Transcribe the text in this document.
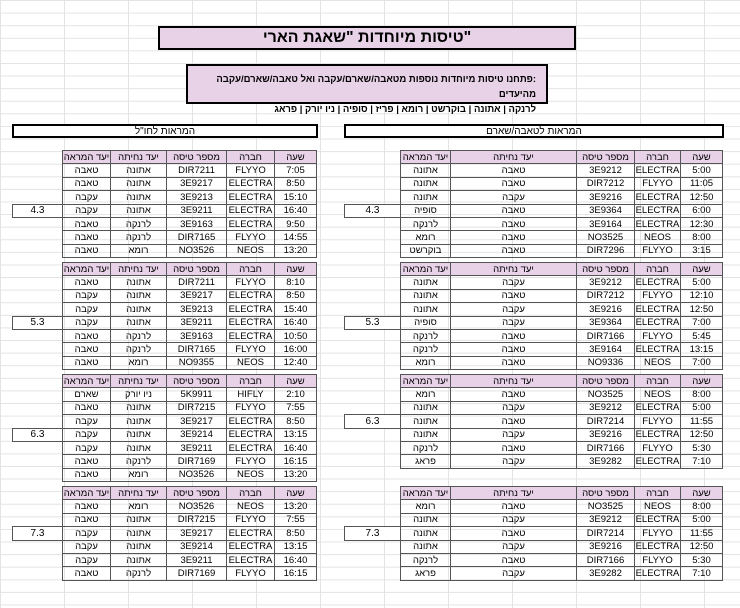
"טיסות מיוחדות "שאגת הארי
:פתחנו טיסות מיוחדות נוספות מטאבה/שארם/עקבה ואל טאבה/שארם/עקבה מהיעדים
לרנקה | אתונה | בוקרשט | רומא | פריז | סופיה | ניו יורק | פראג
המראות לטאבה/שארם
המראות לחו"ל
שעה	חברה	מספר טיסה	יעד נחיתה	יעד המראה	
5:00	ELECTRA	3E9212	טאבה	אתונה	
11:05	FLYYO	DIR7212	טאבה	אתונה	
12:50	ELECTRA	3E9216	עקבה	אתונה	
6:00	ELECTRA	3E9364	טאבה	סופיה	4.3
12:30	ELECTRA	3E9164	טאבה	לרנקה	
8:00	NEOS	NO3525	טאבה	רומא	
3:15	FLYYO	DIR7296	טאבה	בוקרשט	
שעה	חברה	מספר טיסה	יעד נחיתה	יעד המראה	
5:00	ELECTRA	3E9212	עקבה	אתונה	
12:10	FLYYO	DIR7212	טאבה	אתונה	
12:50	ELECTRA	3E9216	עקבה	אתונה	
7:00	ELECTRA	3E9364	עקבה	סופיה	5.3
5:45	FLYYO	DIR7166	טאבה	לרנקה	
13:15	ELECTRA	3E9164	טאבה	לרנקה	
7:00	NEOS	NO9336	טאבה	רומא	
שעה	חברה	מספר טיסה	יעד נחיתה	יעד המראה	
8:00	NEOS	NO3525	טאבה	רומא	
5:00	ELECTRA	3E9212	עקבה	אתונה	
11:55	FLYYO	DIR7214	טאבה	אתונה	6.3
12:50	ELECTRA	3E9216	עקבה	אתונה	
5:30	FLYYO	DIR7166	טאבה	לרנקה	
7:10	ELECTRA	3E9282	עקבה	פראג	
שעה	חברה	מספר טיסה	יעד נחיתה	יעד המראה	
8:00	NEOS	NO3525	טאבה	רומא	
5:00	ELECTRA	3E9212	עקבה	אתונה	
11:55	FLYYO	DIR7214	טאבה	אתונה	7.3
12:50	ELECTRA	3E9216	עקבה	אתונה	
5:30	FLYYO	DIR7166	טאבה	לרנקה	
7:10	ELECTRA	3E9282	עקבה	פראג	
שעה	חברה	מספר טיסה	יעד נחיתה	יעד המראה	
7:05	FLYYO	DIR7211	אתונה	טאבה	
8:50	ELECTRA	3E9217	אתונה	טאבה	
15:10	ELECTRA	3E9213	אתונה	עקבה	
16:40	ELECTRA	3E9211	אתונה	עקבה	4.3
9:50	ELECTRA	3E9163	לרנקה	טאבה	
14:55	FLYYO	DIR7165	לרנקה	טאבה	
13:20	NEOS	NO3526	רומא	טאבה	
שעה	חברה	מספר טיסה	יעד נחיתה	יעד המראה	
8:10	FLYYO	DIR7211	אתונה	טאבה	
8:50	ELECTRA	3E9217	אתונה	עקבה	
15:40	ELECTRA	3E9213	אתונה	עקבה	
16:40	ELECTRA	3E9211	אתונה	עקבה	5.3
10:50	ELECTRA	3E9163	לרנקה	טאבה	
16:00	FLYYO	DIR7165	לרנקה	טאבה	
12:40	NEOS	NO9355	רומא	טאבה	
שעה	חברה	מספר טיסה	יעד נחיתה	יעד המראה	
2:10	HIFLY	5K9911	ניו יורק	שארם	
7:55	FLYYO	DIR7215	אתונה	טאבה	
8:50	ELECTRA	3E9217	אתונה	עקבה	
13:15	ELECTRA	3E9214	אתונה	עקבה	6.3
16:40	ELECTRA	3E9211	אתונה	עקבה	
16:15	FLYYO	DIR7169	לרנקה	טאבה	
13:20	NEOS	NO3526	רומא	טאבה	
שעה	חברה	מספר טיסה	יעד נחיתה	יעד המראה	
13:20	NEOS	NO3526	רומא	טאבה	
7:55	FLYYO	DIR7215	אתונה	טאבה	
8:50	ELECTRA	3E9217	אתונה	עקבה	7.3
13:15	ELECTRA	3E9214	אתונה	עקבה	
16:40	ELECTRA	3E9211	אתונה	עקבה	
16:15	FLYYO	DIR7169	לרנקה	טאבה	
